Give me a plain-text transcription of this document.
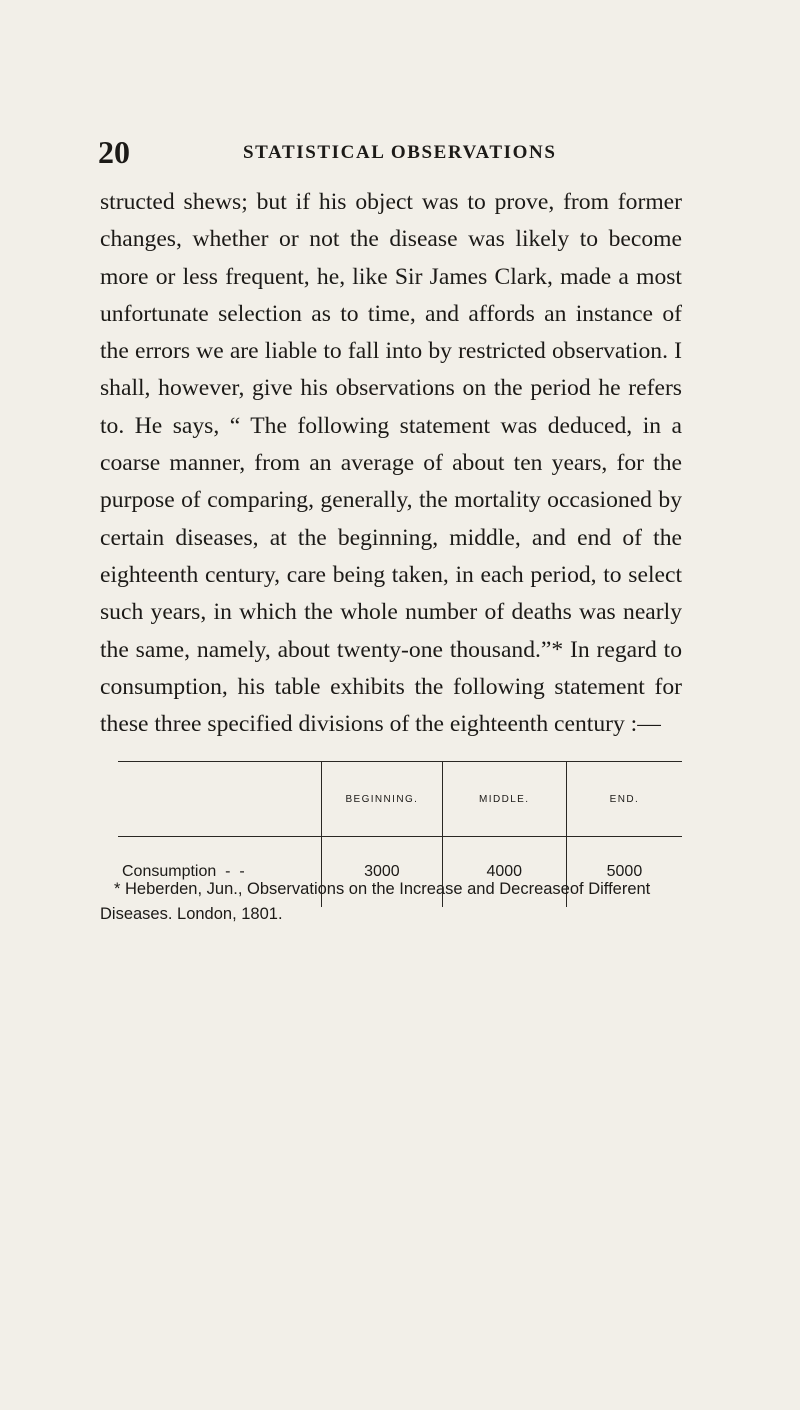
20	STATISTICAL OBSERVATIONS

structed shews; but if his object was to prove, from former changes, whether or not the disease was likely to become more or less frequent, he, like Sir James Clark, made a most unfortunate selection as to time, and affords an instance of the errors we are liable to fall into by restricted observation. I shall, however, give his observations on the period he refers to. He says, “ The following statement was deduced, in a coarse manner, from an average of about ten years, for the purpose of comparing, generally, the mortality occasioned by certain diseases, at the beginning, middle, and end of the eighteenth century, care being taken, in each period, to select such years, in which the whole number of deaths was nearly the same, namely, about twenty-one thousand.”* In regard to consumption, his table exhibits the following statement for these three specified divisions of the eighteenth century :—

	BEGINNING.	MIDDLE.	END.
Consumption  -  -	3000	4000	5000

* Heberden, Jun., Observations on the Increase and Decreaseof Different Diseases. London, 1801.
